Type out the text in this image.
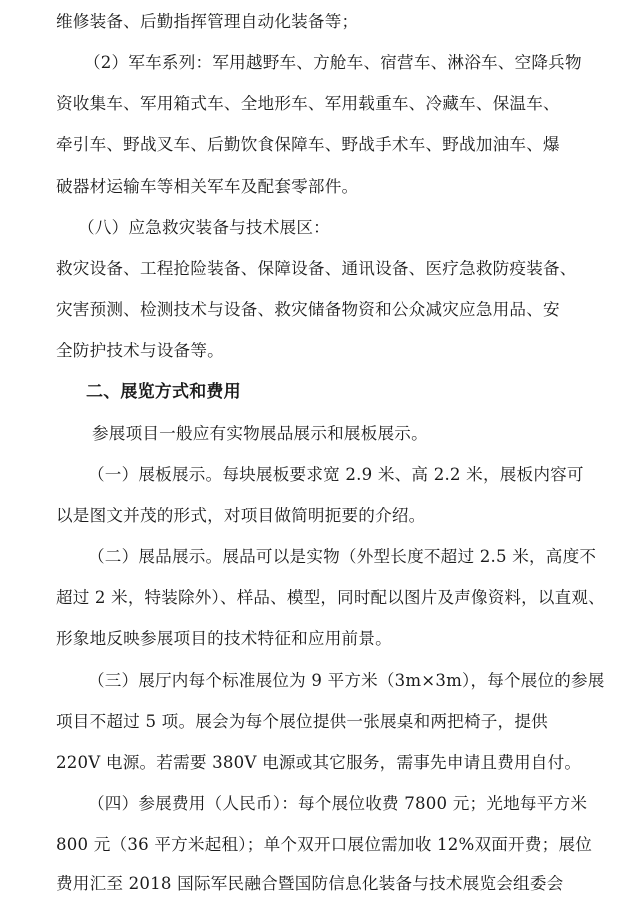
维修装备、后勤指挥管理自动化装备等；
（2）军车系列：军用越野车、方舱车、宿营车、淋浴车、空降兵物
资收集车、军用箱式车、全地形车、军用载重车、冷藏车、保温车、
牵引车、野战叉车、后勤饮食保障车、野战手术车、野战加油车、爆
破器材运输车等相关军车及配套零部件。
（八）应急救灾装备与技术展区：
救灾设备、工程抢险装备、保障设备、通讯设备、医疗急救防疫装备、
灾害预测、检测技术与设备、救灾储备物资和公众减灾应急用品、安
全防护技术与设备等。
二、展览方式和费用
参展项目一般应有实物展品展示和展板展示。
（一）展板展示。每块展板要求宽 2.9 米、高 2.2 米，展板内容可
以是图文并茂的形式，对项目做简明扼要的介绍。
（二）展品展示。展品可以是实物（外型长度不超过 2.5 米，高度不
超过 2 米，特装除外）、样品、模型，同时配以图片及声像资料，以直观、
形象地反映参展项目的技术特征和应用前景。
（三）展厅内每个标准展位为 9 平方米（3m×3m），每个展位的参展
项目不超过 5 项。展会为每个展位提供一张展桌和两把椅子，提供
220V 电源。若需要 380V 电源或其它服务，需事先申请且费用自付。
（四）参展费用（人民币）：每个展位收费 7800 元；光地每平方米
800 元（36 平方米起租）；单个双开口展位需加收 12%双面开费；展位
费用汇至 2018 国际军民融合暨国防信息化装备与技术展览会组委会
